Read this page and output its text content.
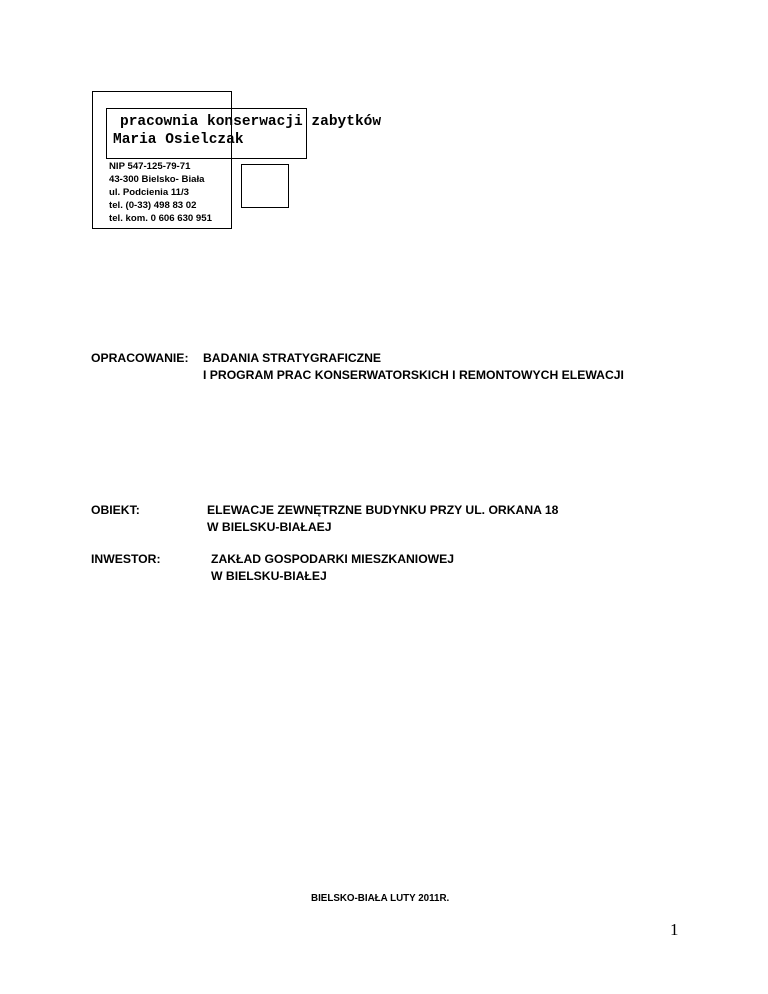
pracownia konserwacji zabytków
Maria Osielczak
NIP 547-125-79-71
43-300 Bielsko- Biała
ul. Podcienia 11/3
tel. (0-33) 498 83 02
tel. kom. 0 606 630 951
OPRACOWANIE: BADANIA STRATYGRAFICZNE
I PROGRAM PRAC KONSERWATORSKICH I REMONTOWYCH ELEWACJI
OBIEKT:	ELEWACJE ZEWNĘTRZNE BUDYNKU PRZY UL. ORKANA 18
W BIELSKU-BIAŁAEJ
INWESTOR:	ZAKŁAD GOSPODARKI MIESZKANIOWEJ
W BIELSKU-BIAŁEJ
BIELSKO-BIAŁA LUTY 2011R.
1
